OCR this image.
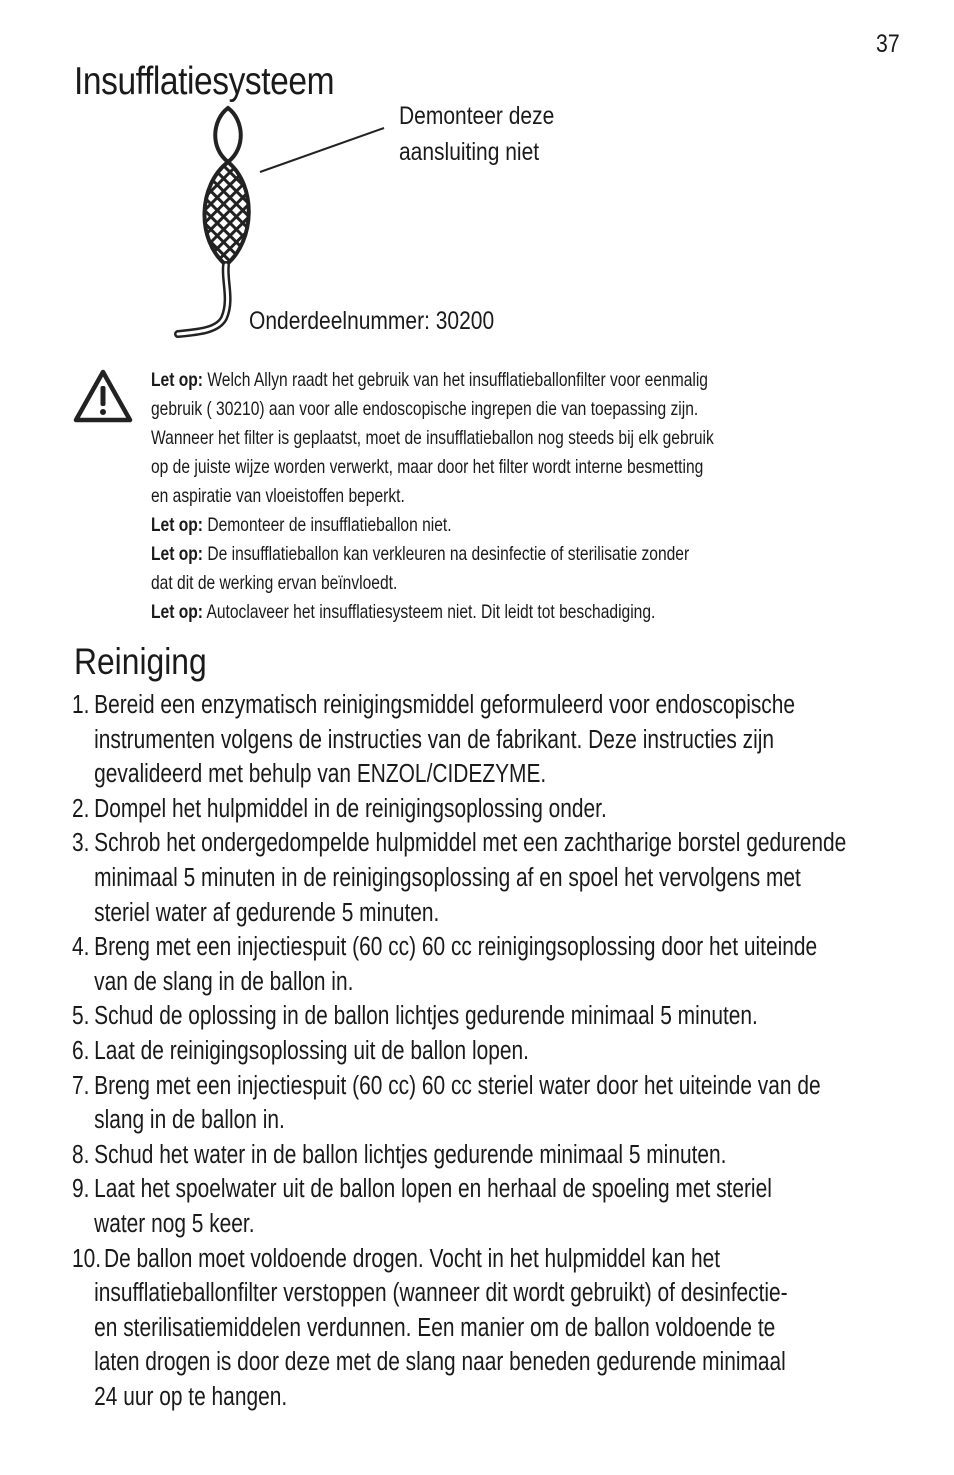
37
Insufflatiesysteem
Demonteer deze
aansluiting niet
Onderdeelnummer: 30200

Let op: Welch Allyn raadt het gebruik van het insufflatieballonfilter voor eenmalig
gebruik ( 30210) aan voor alle endoscopische ingrepen die van toepassing zijn.
Wanneer het filter is geplaatst, moet de insufflatieballon nog steeds bij elk gebruik
op de juiste wijze worden verwerkt, maar door het filter wordt interne besmetting
en aspiratie van vloeistoffen beperkt.

Let op: Demonteer de insufflatieballon niet.

Let op: De insufflatieballon kan verkleuren na desinfectie of sterilisatie zonder
dat dit de werking ervan beïnvloedt.

Let op: Autoclaveer het insufflatiesysteem niet. Dit leidt tot beschadiging.

Reiniging
1. Bereid een enzymatisch reinigingsmiddel geformuleerd voor endoscopische
instrumenten volgens de instructies van de fabrikant. Deze instructies zijn
gevalideerd met behulp van ENZOL/CIDEZYME.
2. Dompel het hulpmiddel in de reinigingsoplossing onder.
3. Schrob het ondergedompelde hulpmiddel met een zachtharige borstel gedurende
minimaal 5 minuten in de reinigingsoplossing af en spoel het vervolgens met
steriel water af gedurende 5 minuten.
4. Breng met een injectiespuit (60 cc) 60 cc reinigingsoplossing door het uiteinde
van de slang in de ballon in.
5. Schud de oplossing in de ballon lichtjes gedurende minimaal 5 minuten.
6. Laat de reinigingsoplossing uit de ballon lopen.
7. Breng met een injectiespuit (60 cc) 60 cc steriel water door het uiteinde van de
slang in de ballon in.
8. Schud het water in de ballon lichtjes gedurende minimaal 5 minuten.
9. Laat het spoelwater uit de ballon lopen en herhaal de spoeling met steriel
water nog 5 keer.
10. De ballon moet voldoende drogen. Vocht in het hulpmiddel kan het
insufflatieballonfilter verstoppen (wanneer dit wordt gebruikt) of desinfectie-
en sterilisatiemiddelen verdunnen. Een manier om de ballon voldoende te
laten drogen is door deze met de slang naar beneden gedurende minimaal
24 uur op te hangen.
